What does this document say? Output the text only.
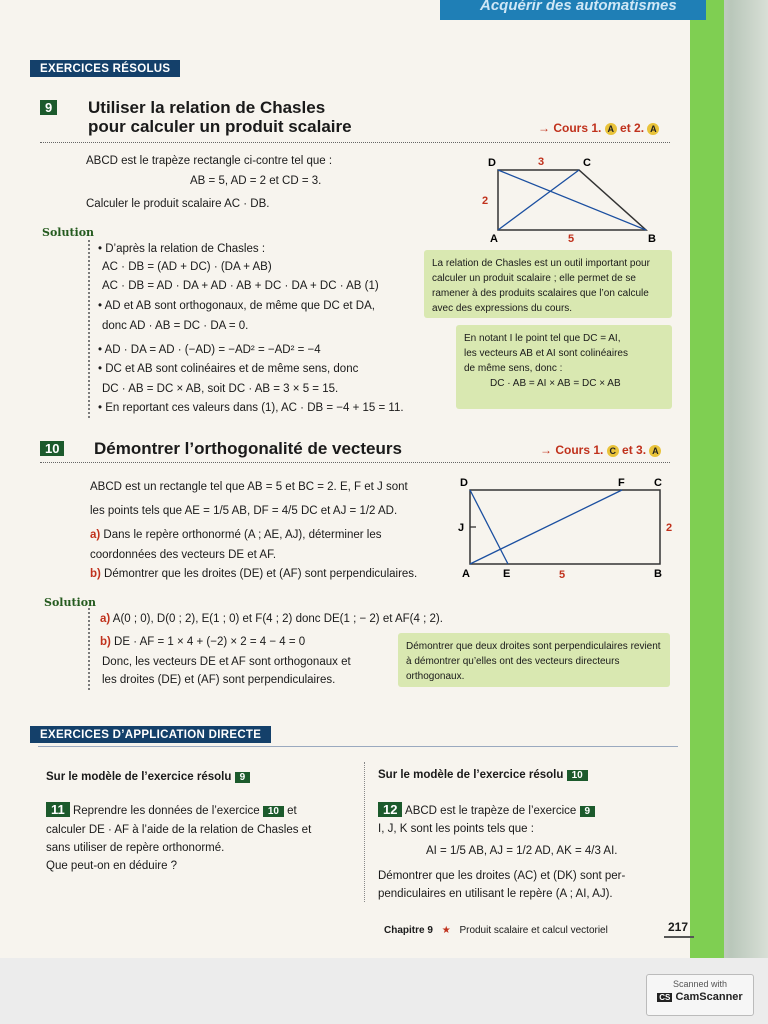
Acquérir des automatismes
EXERCICES RÉSOLUS
9 Utiliser la relation de Chasles
pour calculer un produit scalaire	→ Cours 1. A et 2. A
ABCD est le trapèze rectangle ci-contre tel que :
AB = 5, AD = 2 et CD = 3.
Calculer le produit scalaire AC · DB.
D	C
A	B
3
2
5
Solution
• D’après la relation de Chasles :
AC · DB = (AD + DC) · (DA + AB)
AC · DB = AD · DA + AD · AB + DC · DA + DC · AB (1)
• AD et AB sont orthogonaux, de même que DC et DA,
donc AD · AB = DC · DA = 0.
• AD · DA = AD · (−AD) = −AD² = −AD² = −4
• DC et AB sont colinéaires et de même sens, donc
DC · AB = DC × AB, soit DC · AB = 3 × 5 = 15.
• En reportant ces valeurs dans (1), AC · DB = −4 + 15 = 11.
La relation de Chasles est un outil important pour calculer un produit scalaire ; elle permet de se ramener à des produits scalaires que l’on calcule avec des expressions du cours.
En notant I le point tel que DC = AI,
les vecteurs AB et AI sont colinéaires
de même sens, donc :
DC · AB = AI × AB = DC × AB
10 Démontrer l’orthogonalité de vecteurs	→ Cours 1. C et 3. A
ABCD est un rectangle tel que AB = 5 et BC = 2. E, F et J sont
les points tels que AE = 1/5 AB, DF = 4/5 DC et AJ = 1/2 AD.
a) Dans le repère orthonormé (A ; AE, AJ), déterminer les
coordonnées des vecteurs DE et AF.
b) Démontrer que les droites (DE) et (AF) sont perpendiculaires.
D	F	C
J
A	E	B
2
5
Solution
a) A(0 ; 0), D(0 ; 2), E(1 ; 0) et F(4 ; 2) donc DE(1 ; − 2) et AF(4 ; 2).
b) DE · AF = 1 × 4 + (−2) × 2 = 4 − 4 = 0
Donc, les vecteurs DE et AF sont orthogonaux et
les droites (DE) et (AF) sont perpendiculaires.
Démontrer que deux droites sont perpendiculaires revient à démontrer qu’elles ont des vecteurs directeurs orthogonaux.
EXERCICES D’APPLICATION DIRECTE
Sur le modèle de l’exercice résolu 9
11 Reprendre les données de l’exercice 10 et
calculer DE · AF à l’aide de la relation de Chasles et
sans utiliser de repère orthonormé.
Que peut-on en déduire ?
Sur le modèle de l’exercice résolu 10
12 ABCD est le trapèze de l’exercice 9
I, J, K sont les points tels que :
AI = 1/5 AB, AJ = 1/2 AD, AK = 4/3 AI.
Démontrer que les droites (AC) et (DK) sont per-
pendiculaires en utilisant le repère (A ; AI, AJ).
Chapitre 9 ★ Produit scalaire et calcul vectoriel	217
Scanned with
CS CamScanner
